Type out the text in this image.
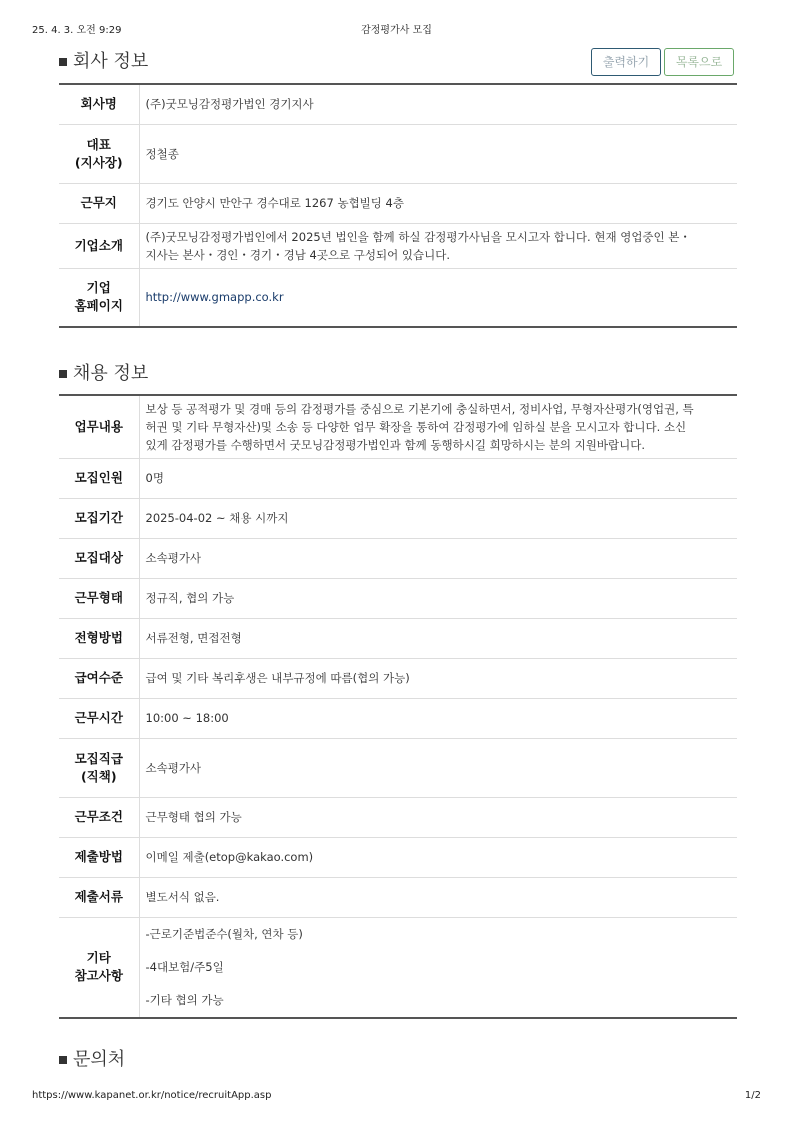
25. 4. 3. 오전 9:29	감정평가사 모집
회사 정보	출력하기	목록으로
회사명	(주)굿모닝감정평가법인 경기지사

대표
(지사장)	정철종
근무지	경기도 안양시 만안구 경수대로 1267 농협빌딩 4층
기업소개	(주)굿모닝감정평가법인에서 2025년 법인을 함께 하실 감정평가사님을 모시고자 합니다. 현재 영업중인 본・
지사는 본사・경인・경기・경남 4곳으로 구성되어 있습니다.

기업
홈페이지	http://www.gmapp.co.kr
채용 정보
업무내용	보상 등 공적평가 및 경매 등의 감정평가를 중심으로 기본기에 충실하면서, 정비사업, 무형자산평가(영업권, 특
허권 및 기타 무형자산)및 소송 등 다양한 업무 확장을 통하여 감정평가에 임하실 분을 모시고자 합니다. 소신
있게 감정평가를 수행하면서 굿모닝감정평가법인과 함께 동행하시길 희망하시는 분의 지원바랍니다.

모집인원	0명
모집기간	2025-04-02 ~ 채용 시까지
모집대상	소속평가사
근무형태	정규직, 협의 가능
전형방법	서류전형, 면접전형
급여수준	급여 및 기타 복리후생은 내부규정에 따름(협의 가능)
근무시간	10:00 ~ 18:00

모집직급
(직책)	소속평가사
근무조건	근무형태 협의 가능
제출방법	이메일 제출(etop@kakao.com)
제출서류	별도서식 없음.

기타
참고사항	-근로기준법준수(월차, 연차 등)
-4대보험/주5일
-기타 협의 가능
문의처
https://www.kapanet.or.kr/notice/recruitApp.asp	1/2
